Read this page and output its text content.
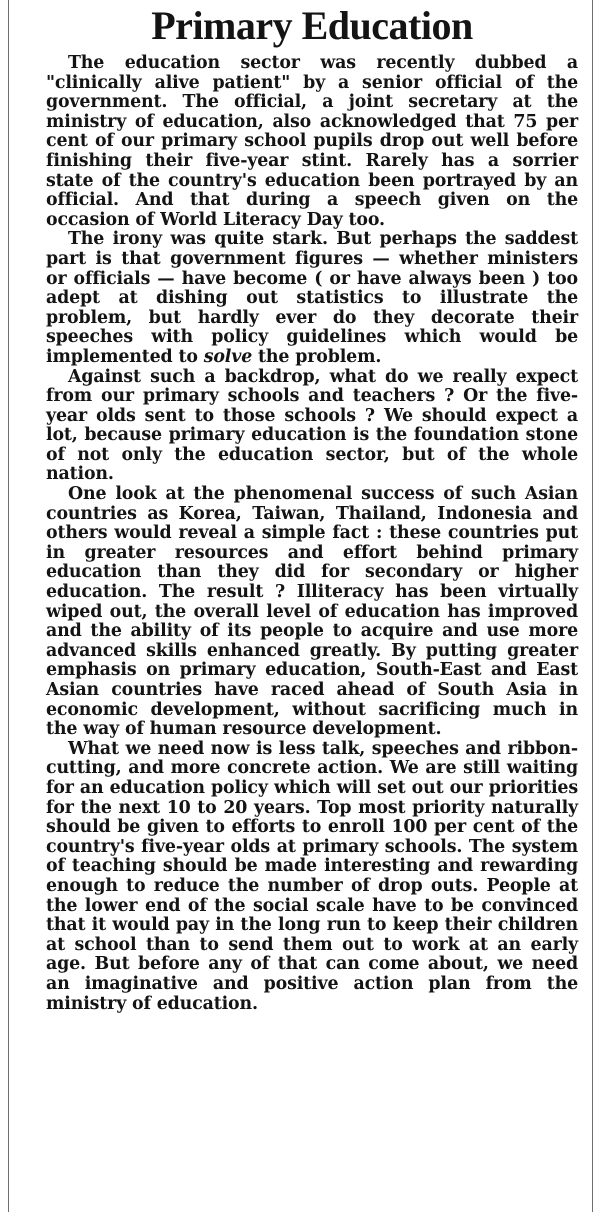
Primary Education

The education sector was recently dubbed a "clinically alive patient" by a senior official of the government. The official, a joint secretary at the ministry of education, also acknowledged that 75 per cent of our primary school pupils drop out well before finishing their five-year stint. Rarely has a sorrier state of the country's education been portrayed by an official. And that during a speech given on the occasion of World Literacy Day too.

The irony was quite stark. But perhaps the saddest part is that government figures — whether ministers or officials — have become ( or have always been ) too adept at dishing out statistics to illustrate the problem, but hardly ever do they decorate their speeches with policy guidelines which would be implemented to solve the problem.

Against such a backdrop, what do we really expect from our primary schools and teachers ? Or the five-year olds sent to those schools ? We should expect a lot, because primary education is the foundation stone of not only the education sector, but of the whole nation.

One look at the phenomenal success of such Asian countries as Korea, Taiwan, Thailand, Indonesia and others would reveal a simple fact : these countries put in greater resources and effort behind primary education than they did for secondary or higher education. The result ? Illiteracy has been virtually wiped out, the overall level of education has improved and the ability of its people to acquire and use more advanced skills enhanced greatly. By putting greater emphasis on primary education, South-East and East Asian countries have raced ahead of South Asia in economic development, without sacrificing much in the way of human resource development.

What we need now is less talk, speeches and ribbon-cutting, and more concrete action. We are still waiting for an education policy which will set out our priorities for the next 10 to 20 years. Top most priority naturally should be given to efforts to enroll 100 per cent of the country's five-year olds at primary schools. The system of teaching should be made interesting and rewarding enough to reduce the number of drop outs. People at the lower end of the social scale have to be convinced that it would pay in the long run to keep their children at school than to send them out to work at an early age. But before any of that can come about, we need an imaginative and positive action plan from the ministry of education.
